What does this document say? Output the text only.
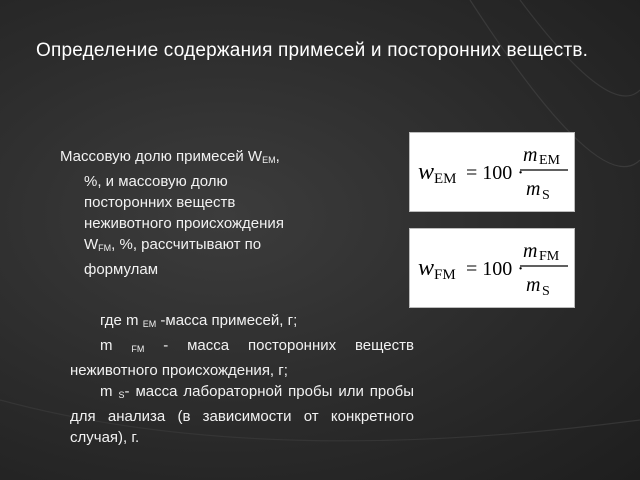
Определение содержания примесей и посторонних веществ.
Массовую долю примесей $W_{EM}$,
%, и массовую долю
посторонних веществ
неживотного происхождения
$W_{FM}$, %, рассчитывают по
формулам

где m $_{EM}$ -масса примесей, г;

m $_{FM}$ - масса посторонних веществ неживотного происхождения, г;

m $_S$- масса лабораторной пробы или пробы для анализа (в зависимости от конкретного случая), г.

w EM = 100 ·
m EM
m S
w FM = 100 ·
m FM
m S
